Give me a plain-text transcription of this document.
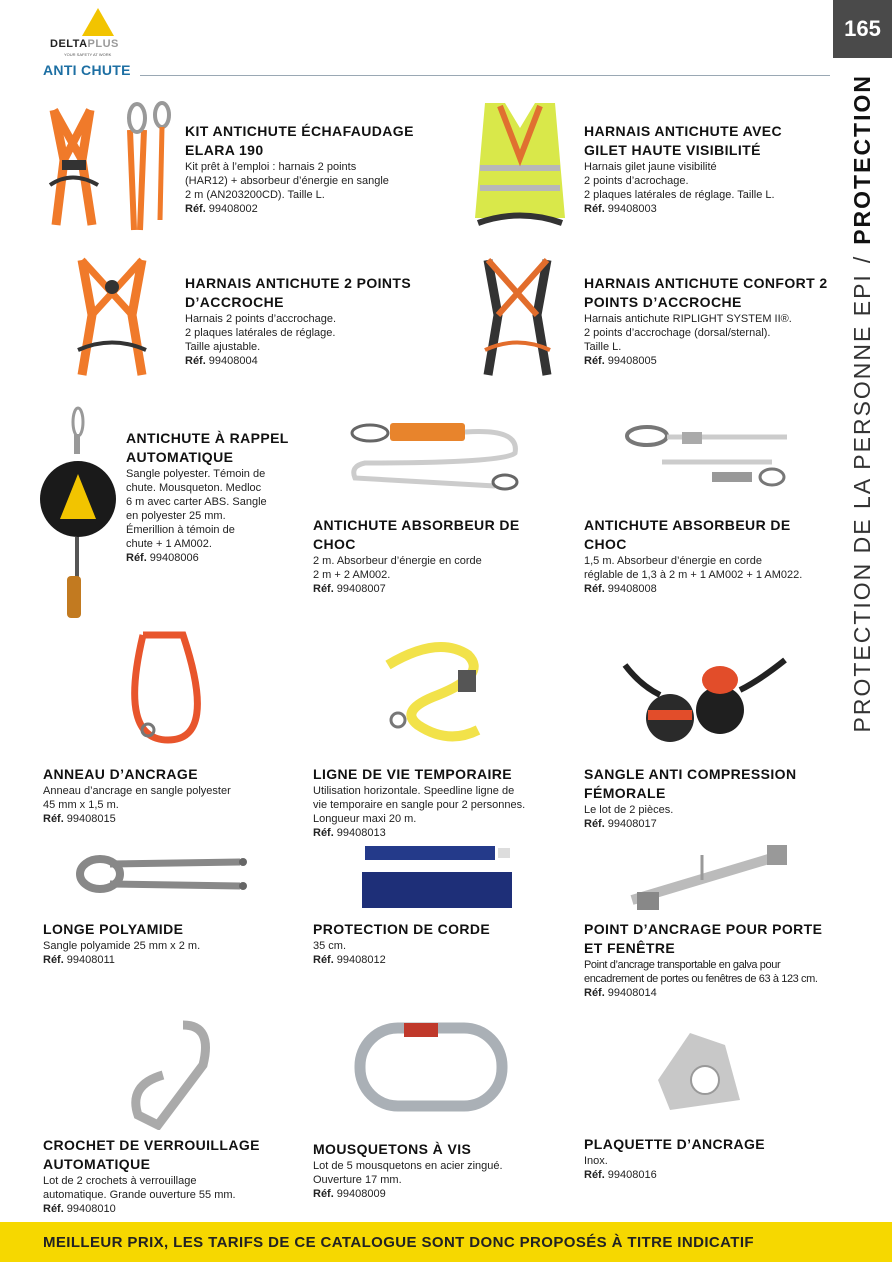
DELTAPLUS
YOUR SAFETY AT WORK
ANTI CHUTE
165
PROTECTION DE LA PERSONNE EPI
/
PROTECTION
KIT ANTICHUTE ÉCHAFAUDAGE ELARA 190
Kit prêt à l’emploi : harnais 2 points
(HAR12) + absorbeur d’énergie en sangle
2 m (AN203200CD). Taille L.
Réf. 99408002
HARNAIS ANTICHUTE AVEC GILET HAUTE VISIBILITÉ
Harnais gilet jaune visibilité
2 points d’acrochage.
2 plaques latérales de réglage. Taille L.
Réf. 99408003
HARNAIS ANTICHUTE 2 POINTS D’ACCROCHE
Harnais 2 points d’accrochage.
2 plaques latérales de réglage.
Taille ajustable.
Réf. 99408004
HARNAIS ANTICHUTE CONFORT 2 POINTS D’ACCROCHE
Harnais antichute RIPLIGHT SYSTEM II®.
2 points d’accrochage (dorsal/sternal).
Taille L.
Réf. 99408005
ANTICHUTE À RAPPEL AUTOMATIQUE
Sangle polyester. Témoin de
chute. Mousqueton. Medloc
6 m avec carter ABS. Sangle
en polyester 25 mm.
Émerillion à témoin de
chute + 1 AM002.
Réf. 99408006
ANTICHUTE ABSORBEUR DE CHOC
2 m. Absorbeur d’énergie en corde
2 m + 2 AM002.
Réf. 99408007
ANTICHUTE ABSORBEUR DE CHOC
1,5 m. Absorbeur d’énergie en corde
réglable de 1,3 à 2 m + 1 AM002 + 1 AM022.
Réf. 99408008
ANNEAU D’ANCRAGE
Anneau d’ancrage en sangle polyester
45 mm x 1,5 m.
Réf. 99408015
LIGNE DE VIE TEMPORAIRE
Utilisation horizontale. Speedline ligne de
vie temporaire en sangle pour 2 personnes.
Longueur maxi 20 m.
Réf. 99408013
SANGLE ANTI COMPRESSION FÉMORALE
Le lot de 2 pièces.
Réf. 99408017
LONGE POLYAMIDE
Sangle polyamide 25 mm x 2 m.
Réf. 99408011
PROTECTION DE CORDE
35 cm.
Réf. 99408012
POINT D’ANCRAGE POUR PORTE ET FENÊTRE
Point d’ancrage transportable en galva pour
encadrement de portes ou fenêtres de 63 à 123 cm.
Réf. 99408014
CROCHET DE VERROUILLAGE AUTOMATIQUE
Lot de 2 crochets à verrouillage
automatique. Grande ouverture 55 mm.
Réf. 99408010
MOUSQUETONS À VIS
Lot de 5 mousquetons en acier zingué.
Ouverture 17 mm.
Réf. 99408009
PLAQUETTE D’ANCRAGE
Inox.
Réf. 99408016
MEILLEUR PRIX, LES TARIFS DE CE CATALOGUE SONT DONC PROPOSÉS À TITRE INDICATIF
